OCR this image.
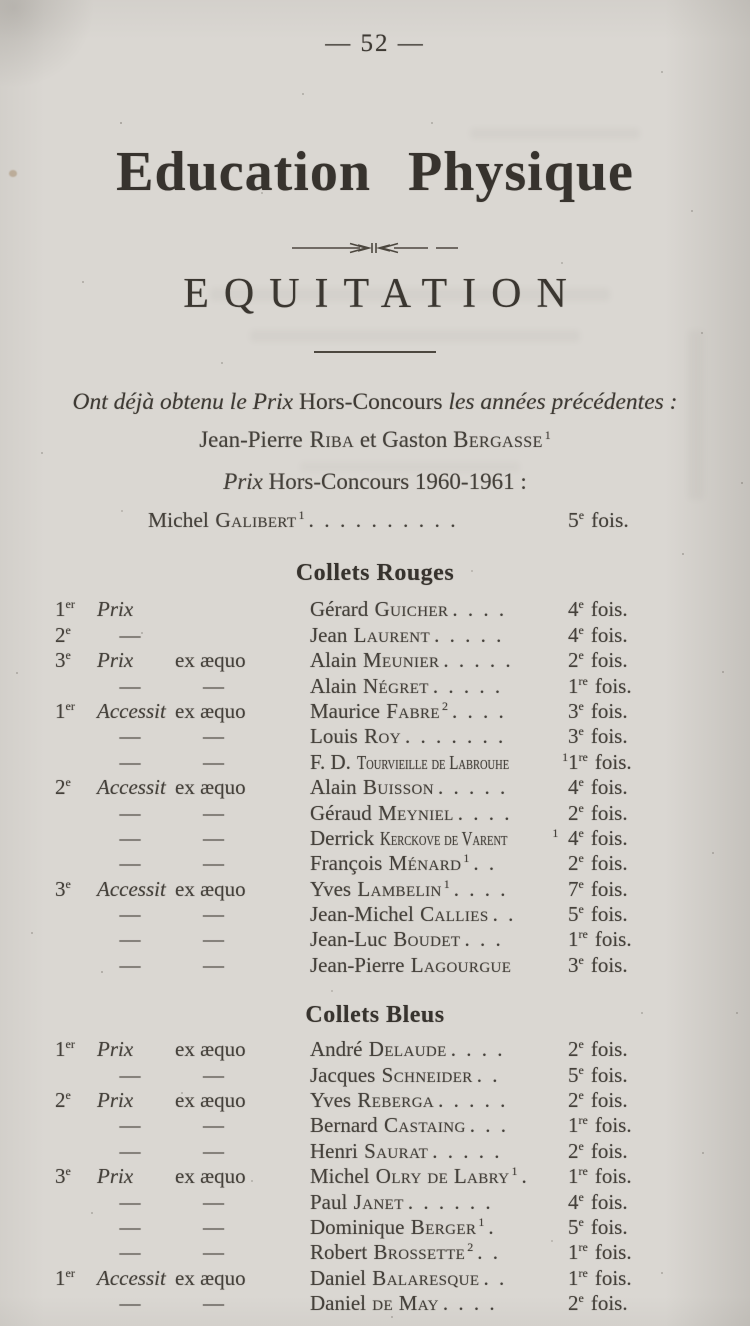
— 52 —
Education Physique
EQUITATION
Ont déjà obtenu le Prix Hors-Concours les années précédentes :
Jean-Pierre Riba et Gaston Bergasse $^1$
Prix Hors-Concours 1960-1961 :
Michel Galibert $^1$ . . . . . . . . . .	5e fois.
Collets Rouges
1er	Prix	Gérard Guicher . . . .	4e fois.
2e	—	Jean Laurent . . . . .	4e fois.
3e	Prix	ex æquo	Alain Meunier . . . . .	2e fois.
—	—	Alain Négret . . . . .	1re fois.
1er	Accessit ex æquo	Maurice Fabre $^2$ . . . .	3e fois.
—	—	Louis Roy . . . . . . .	3e fois.
—	—	F. D. Tourvieille de Labrouhe	$^1$ 1re fois.
2e	Accessit ex æquo	Alain Buisson . . . . .	4e fois.
—	—	Géraud Meyniel . . . .	2e fois.
—	—	Derrick Kerckove de Varent	$^1$ 4e fois.
—	—	François Ménard $^1$ . .	2e fois.
3e	Accessit ex æquo	Yves Lambelin $^1$ . . . .	7e fois.
—	—	Jean-Michel Callies . .	5e fois.
—	—	Jean-Luc Boudet . . .	1re fois.
—	—	Jean-Pierre Lagourgue	3e fois.
Collets Bleus
1er	Prix	ex æquo	André Delaude . . . .	2e fois.
—	—	Jacques Schneider . .	5e fois.
2e	Prix	ex æquo	Yves Reberga . . . . .	2e fois.
—	—	Bernard Castaing . . .	1re fois.
—	—	Henri Saurat . . . . .	2e fois.
3e	Prix	ex æquo	Michel Olry de Labry $^1$ .	1re fois.
—	—	Paul Janet . . . . . .	4e fois.
—	—	Dominique Berger $^1$ .	5e fois.
—	—	Robert Brossette $^2$ . .	1re fois.
1er	Accessit ex æquo	Daniel Balaresque . .	1re fois.
—	—	Daniel de May . . . .	2e fois.
